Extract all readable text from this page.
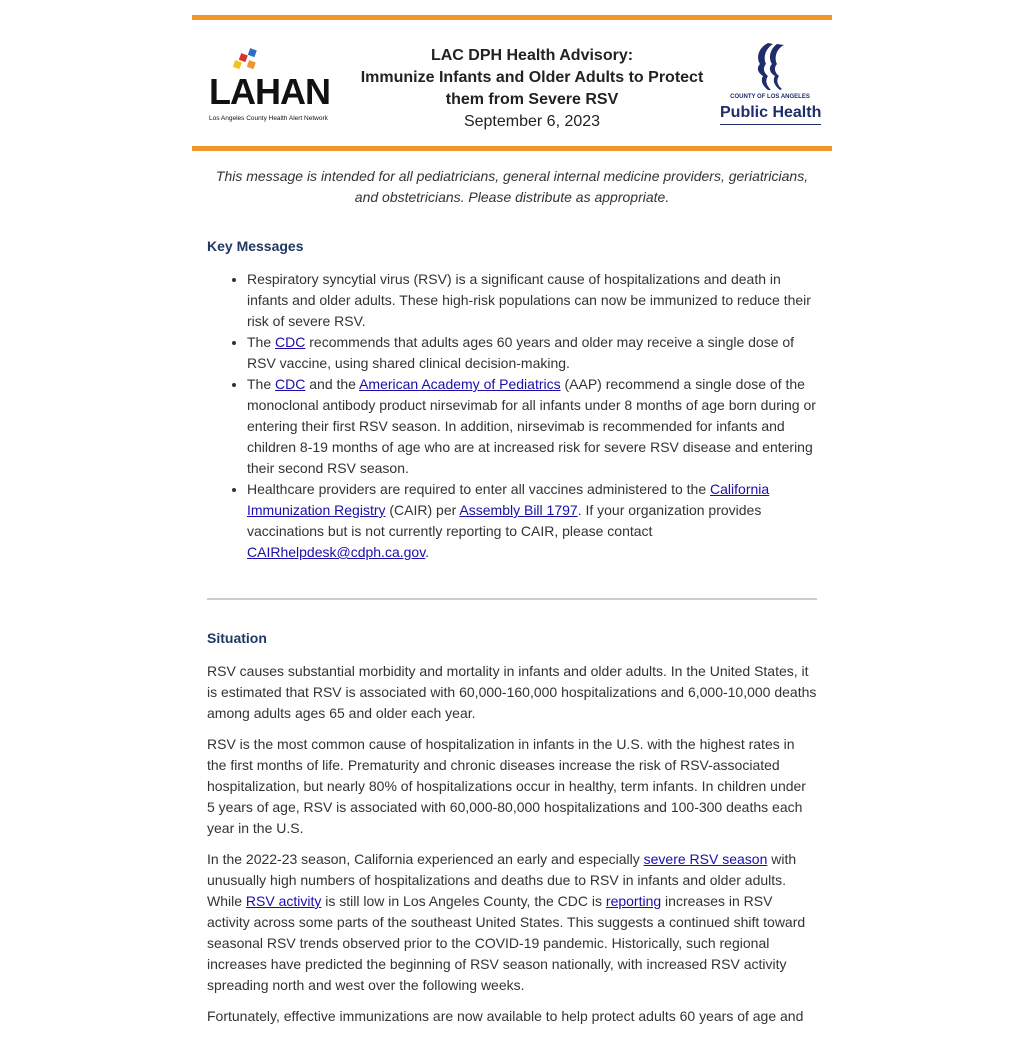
LAHAN
Los Angeles County Health Alert Network
LAC DPH Health Advisory:
Immunize Infants and Older Adults to Protect
them from Severe RSV
September 6, 2023
COUNTY OF LOS ANGELES
Public Health
This message is intended for all pediatricians, general internal medicine providers, geriatricians, and obstetricians. Please distribute as appropriate.
Key Messages
• Respiratory syncytial virus (RSV) is a significant cause of hospitalizations and death in infants and older adults. These high-risk populations can now be immunized to reduce their risk of severe RSV.
• The CDC recommends that adults ages 60 years and older may receive a single dose of RSV vaccine, using shared clinical decision-making.
• The CDC and the American Academy of Pediatrics (AAP) recommend a single dose of the monoclonal antibody product nirsevimab for all infants under 8 months of age born during or entering their first RSV season. In addition, nirsevimab is recommended for infants and children 8-19 months of age who are at increased risk for severe RSV disease and entering their second RSV season.
• Healthcare providers are required to enter all vaccines administered to the California Immunization Registry (CAIR) per Assembly Bill 1797. If your organization provides vaccinations but is not currently reporting to CAIR, please contact CAIRhelpdesk@cdph.ca.gov.
Situation

RSV causes substantial morbidity and mortality in infants and older adults. In the United States, it is estimated that RSV is associated with 60,000-160,000 hospitalizations and 6,000-10,000 deaths among adults ages 65 and older each year.

RSV is the most common cause of hospitalization in infants in the U.S. with the highest rates in the first months of life. Prematurity and chronic diseases increase the risk of RSV-associated hospitalization, but nearly 80% of hospitalizations occur in healthy, term infants. In children under 5 years of age, RSV is associated with 60,000-80,000 hospitalizations and 100-300 deaths each year in the U.S.

In the 2022-23 season, California experienced an early and especially severe RSV season with unusually high numbers of hospitalizations and deaths due to RSV in infants and older adults. While RSV activity is still low in Los Angeles County, the CDC is reporting increases in RSV activity across some parts of the southeast United States. This suggests a continued shift toward seasonal RSV trends observed prior to the COVID-19 pandemic. Historically, such regional increases have predicted the beginning of RSV season nationally, with increased RSV activity spreading north and west over the following weeks.

Fortunately, effective immunizations are now available to help protect adults 60 years of age and
